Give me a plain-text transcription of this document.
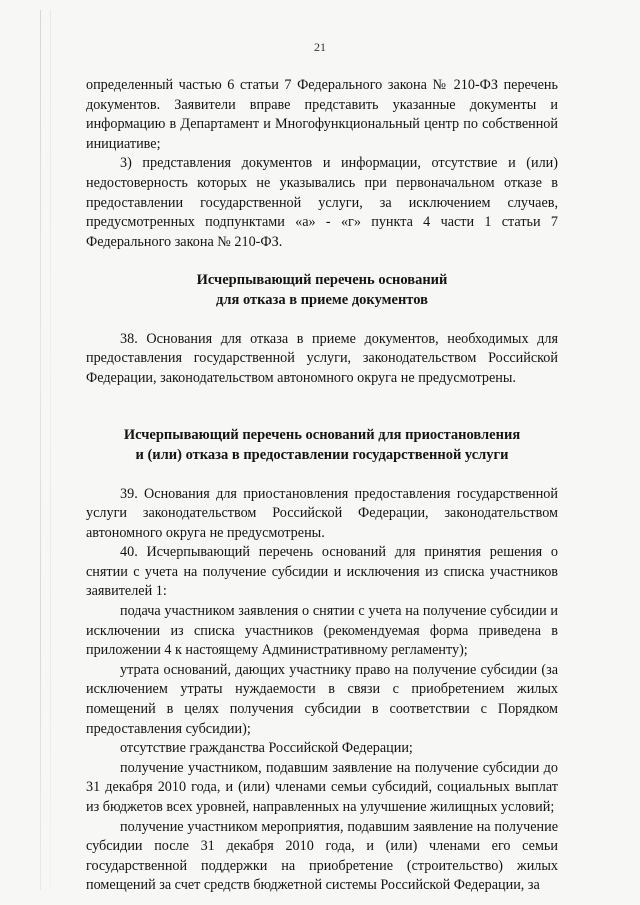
21

определенный частью 6 статьи 7 Федерального закона № 210-ФЗ перечень документов. Заявители вправе представить указанные документы и информацию в Департамент и Многофункциональный центр по собственной инициативе;

3) представления документов и информации, отсутствие и (или) недостоверность которых не указывались при первоначальном отказе в предоставлении государственной услуги, за исключением случаев, предусмотренных подпунктами «а» - «г» пункта 4 части 1 статьи 7 Федерального закона № 210-ФЗ.

Исчерпывающий перечень оснований

для отказа в приеме документов

38. Основания для отказа в приеме документов, необходимых для предоставления государственной услуги, законодательством Российской Федерации, законодательством автономного округа не предусмотрены.

Исчерпывающий перечень оснований для приостановления

и (или) отказа в предоставлении государственной услуги

39. Основания для приостановления предоставления государственной услуги законодательством Российской Федерации, законодательством автономного округа не предусмотрены.

40. Исчерпывающий перечень оснований для принятия решения о снятии с учета на получение субсидии и исключения из списка участников заявителей 1:

подача участником заявления о снятии с учета на получение субсидии и исключении из списка участников (рекомендуемая форма приведена в приложении 4 к настоящему Административному регламенту);

утрата оснований, дающих участнику право на получение субсидии (за исключением утраты нуждаемости в связи с приобретением жилых помещений в целях получения субсидии в соответствии с Порядком предоставления субсидии);

отсутствие гражданства Российской Федерации;

получение участником, подавшим заявление на получение субсидии до 31 декабря 2010 года, и (или) членами семьи субсидий, социальных выплат из бюджетов всех уровней, направленных на улучшение жилищных условий;

получение участником мероприятия, подавшим заявление на получение субсидии после 31 декабря 2010 года, и (или) членами его семьи государственной поддержки на приобретение (строительство) жилых помещений за счет средств бюджетной системы Российской Федерации, за
